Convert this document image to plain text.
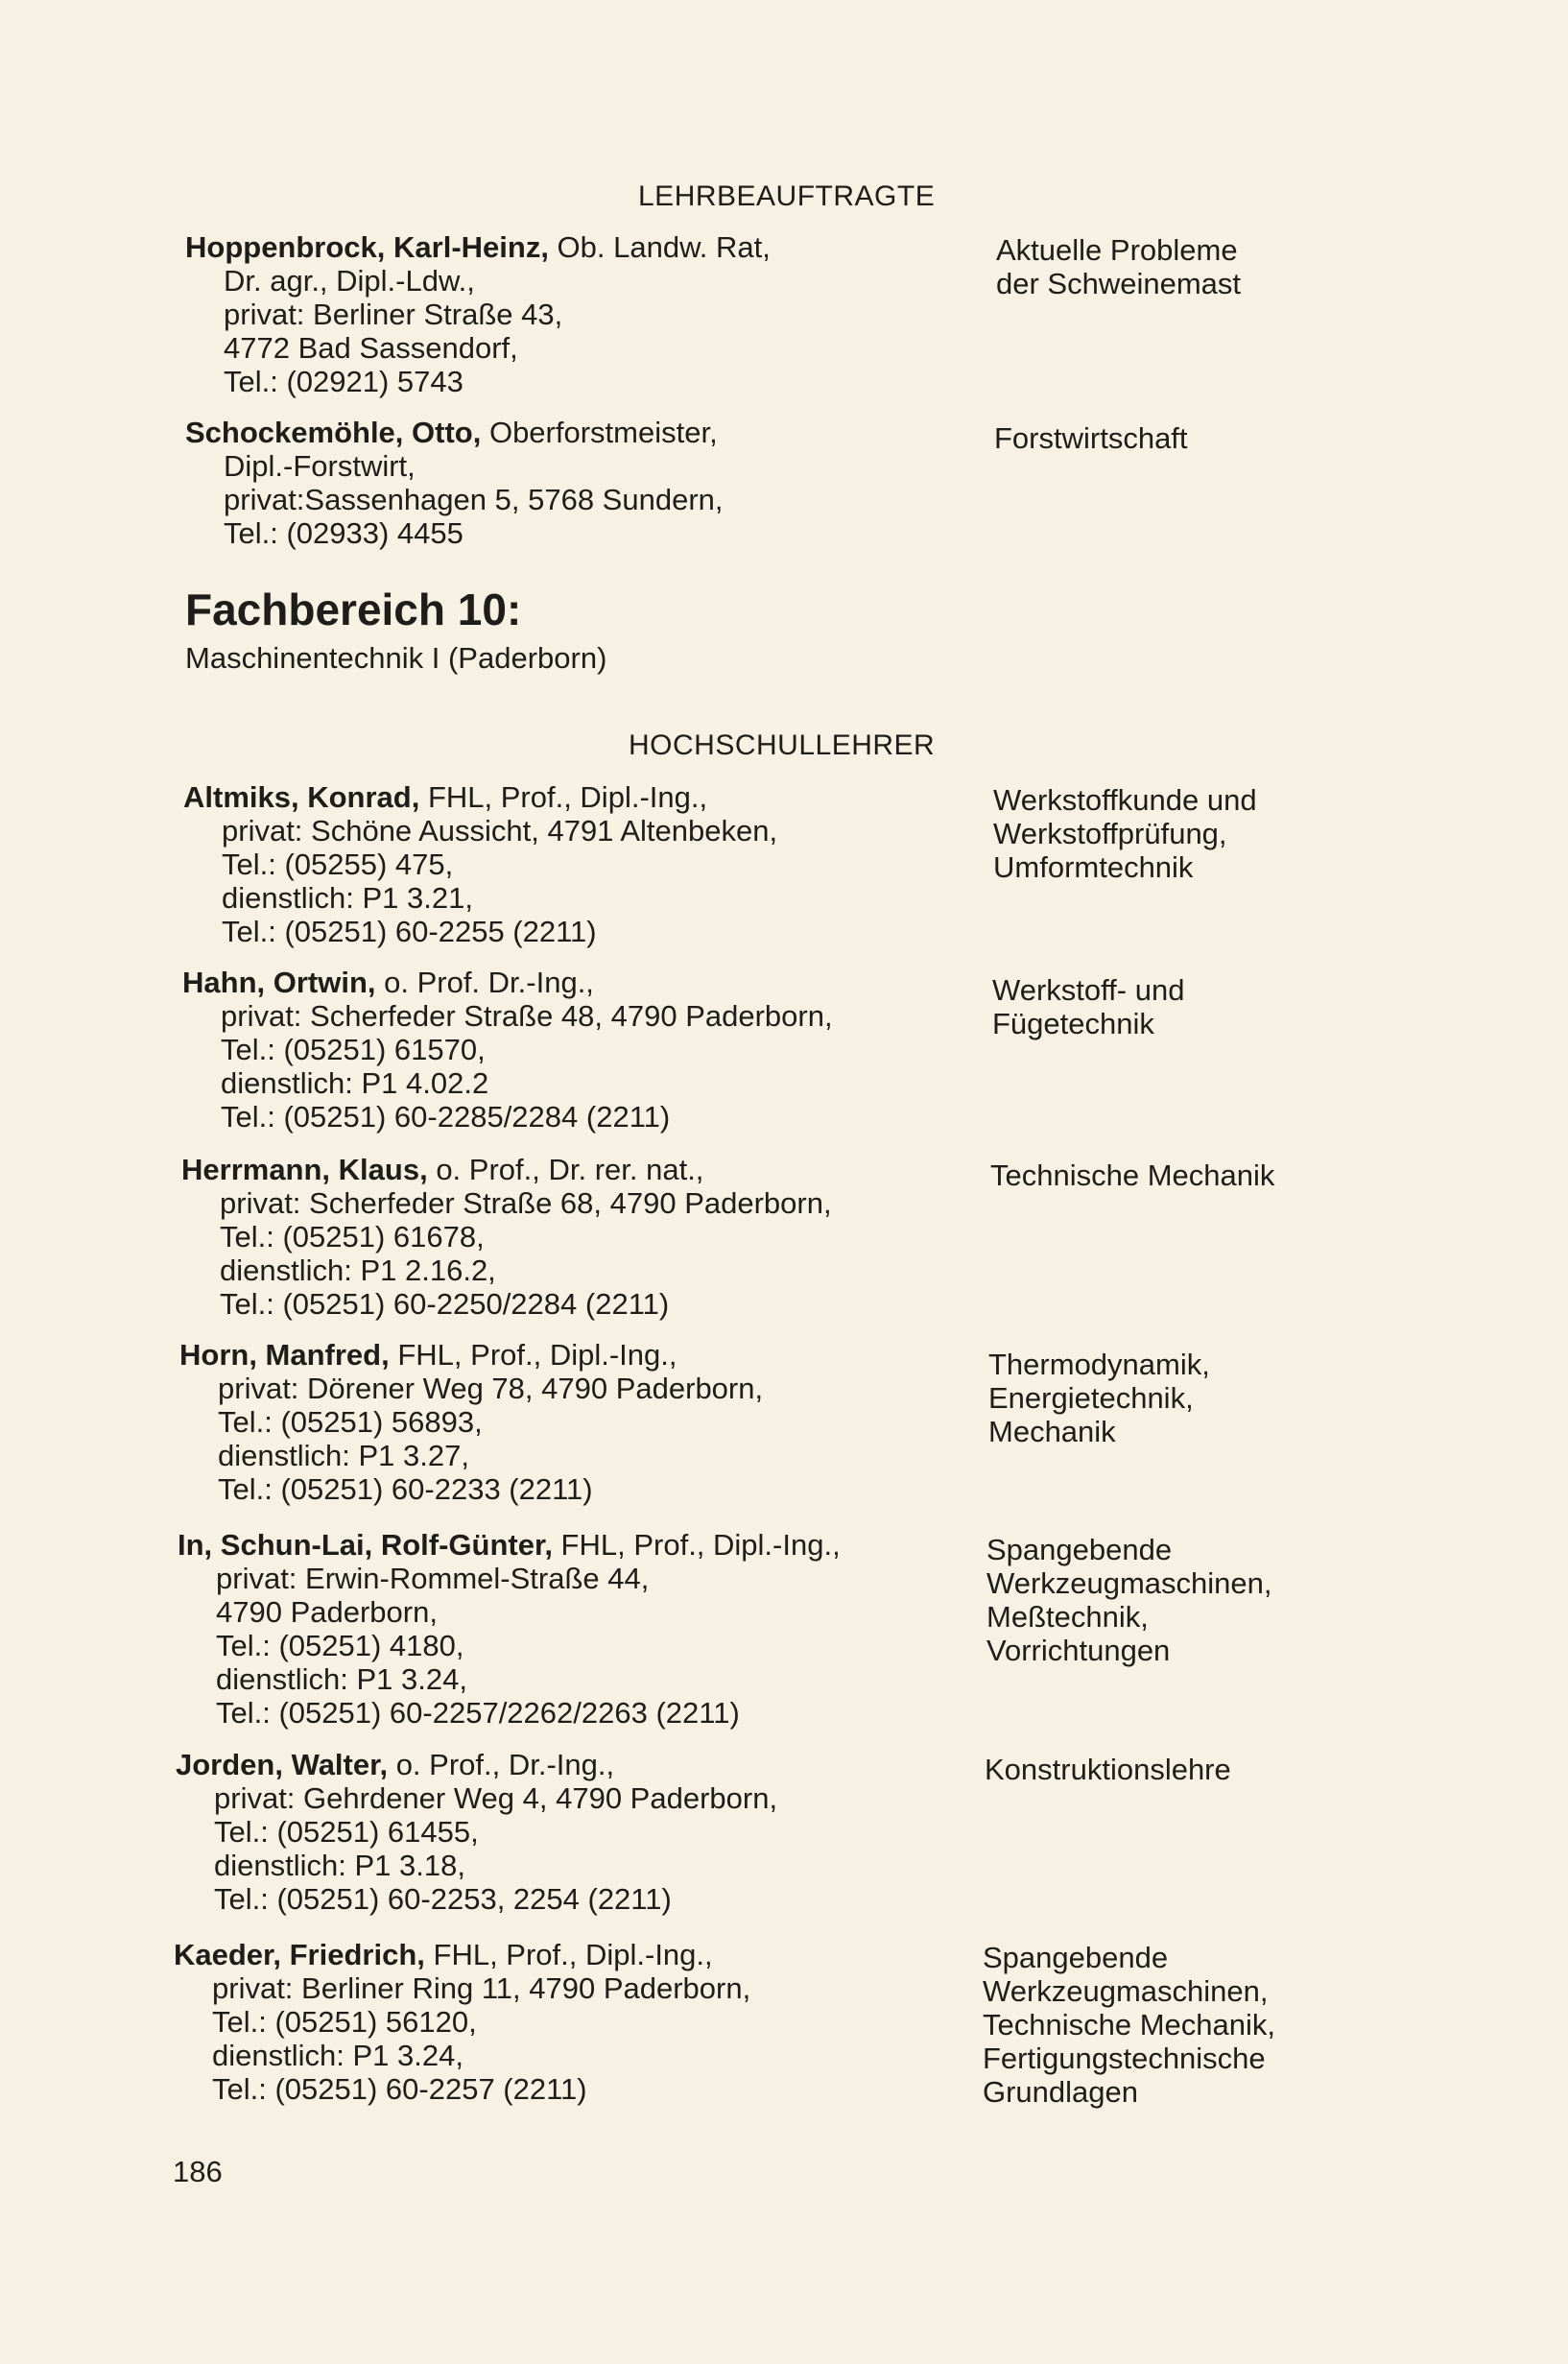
LEHRBEAUFTRAGTE
Hoppenbrock, Karl-Heinz, Ob. Landw. Rat,
Dr. agr., Dipl.-Ldw.,
privat: Berliner Straße 43,
4772 Bad Sassendorf,
Tel.: (02921) 5743
Aktuelle Probleme
der Schweinemast
Schockemöhle, Otto, Oberforstmeister,
Dipl.-Forstwirt,
privat:Sassenhagen 5, 5768 Sundern,
Tel.: (02933) 4455
Forstwirtschaft
Fachbereich 10:
Maschinentechnik I (Paderborn)
HOCHSCHULLEHRER
Altmiks, Konrad, FHL, Prof., Dipl.-Ing.,
privat: Schöne Aussicht, 4791 Altenbeken,
Tel.: (05255) 475,
dienstlich: P1 3.21,
Tel.: (05251) 60-2255 (2211)
Werkstoffkunde und
Werkstoffprüfung,
Umformtechnik
Hahn, Ortwin, o. Prof. Dr.-Ing.,
privat: Scherfeder Straße 48, 4790 Paderborn,
Tel.: (05251) 61570,
dienstlich: P1 4.02.2
Tel.: (05251) 60-2285/2284 (2211)
Werkstoff- und
Fügetechnik
Herrmann, Klaus, o. Prof., Dr. rer. nat.,
privat: Scherfeder Straße 68, 4790 Paderborn,
Tel.: (05251) 61678,
dienstlich: P1 2.16.2,
Tel.: (05251) 60-2250/2284 (2211)
Technische Mechanik
Horn, Manfred, FHL, Prof., Dipl.-Ing.,
privat: Dörener Weg 78, 4790 Paderborn,
Tel.: (05251) 56893,
dienstlich: P1 3.27,
Tel.: (05251) 60-2233 (2211)
Thermodynamik,
Energietechnik,
Mechanik
In, Schun-Lai, Rolf-Günter, FHL, Prof., Dipl.-Ing.,
privat: Erwin-Rommel-Straße 44,
4790 Paderborn,
Tel.: (05251) 4180,
dienstlich: P1 3.24,
Tel.: (05251) 60-2257/2262/2263 (2211)
Spangebende
Werkzeugmaschinen,
Meßtechnik,
Vorrichtungen
Jorden, Walter, o. Prof., Dr.-Ing.,
privat: Gehrdener Weg 4, 4790 Paderborn,
Tel.: (05251) 61455,
dienstlich: P1 3.18,
Tel.: (05251) 60-2253, 2254 (2211)
Konstruktionslehre
Kaeder, Friedrich, FHL, Prof., Dipl.-Ing.,
privat: Berliner Ring 11, 4790 Paderborn,
Tel.: (05251) 56120,
dienstlich: P1 3.24,
Tel.: (05251) 60-2257 (2211)
Spangebende
Werkzeugmaschinen,
Technische Mechanik,
Fertigungstechnische
Grundlagen
186
